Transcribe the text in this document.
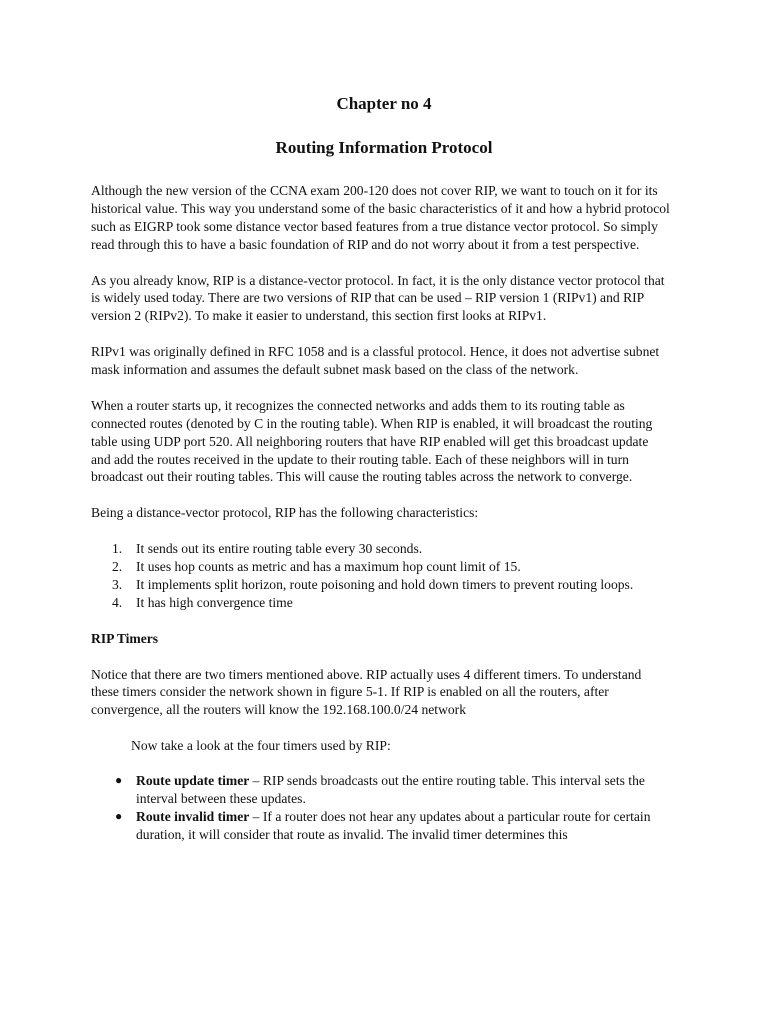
Chapter no 4
Routing Information Protocol

Although the new version of the CCNA exam 200-120 does not cover RIP, we want to touch on it for its historical value. This way you understand some of the basic characteristics of it and how a hybrid protocol such as EIGRP took some distance vector based features from a true distance vector protocol. So simply read through this to have a basic foundation of RIP and do not worry about it from a test perspective.

As you already know, RIP is a distance-vector protocol. In fact, it is the only distance vector protocol that is widely used today. There are two versions of RIP that can be used – RIP version 1 (RIPv1) and RIP version 2 (RIPv2). To make it easier to understand, this section first looks at RIPv1.

RIPv1 was originally defined in RFC 1058 and is a classful protocol. Hence, it does not advertise subnet mask information and assumes the default subnet mask based on the class of the network.

When a router starts up, it recognizes the connected networks and adds them to its routing table as connected routes (denoted by C in the routing table). When RIP is enabled, it will broadcast the routing table using UDP port 520. All neighboring routers that have RIP enabled will get this broadcast update and add the routes received in the update to their routing table. Each of these neighbors will in turn broadcast out their routing tables. This will cause the routing tables across the network to converge.

Being a distance-vector protocol, RIP has the following characteristics:

1. It sends out its entire routing table every 30 seconds.
2. It uses hop counts as metric and has a maximum hop count limit of 15.
3. It implements split horizon, route poisoning and hold down timers to prevent routing loops.
4. It has high convergence time
RIP Timers

Notice that there are two timers mentioned above. RIP actually uses 4 different timers. To understand these timers consider the network shown in figure 5-1. If RIP is enabled on all the routers, after convergence, all the routers will know the 192.168.100.0/24 network

Now take a look at the four timers used by RIP:

● Route update timer – RIP sends broadcasts out the entire routing table. This interval sets the interval between these updates.
● Route invalid timer – If a router does not hear any updates about a particular route for certain duration, it will consider that route as invalid. The invalid timer determines this
